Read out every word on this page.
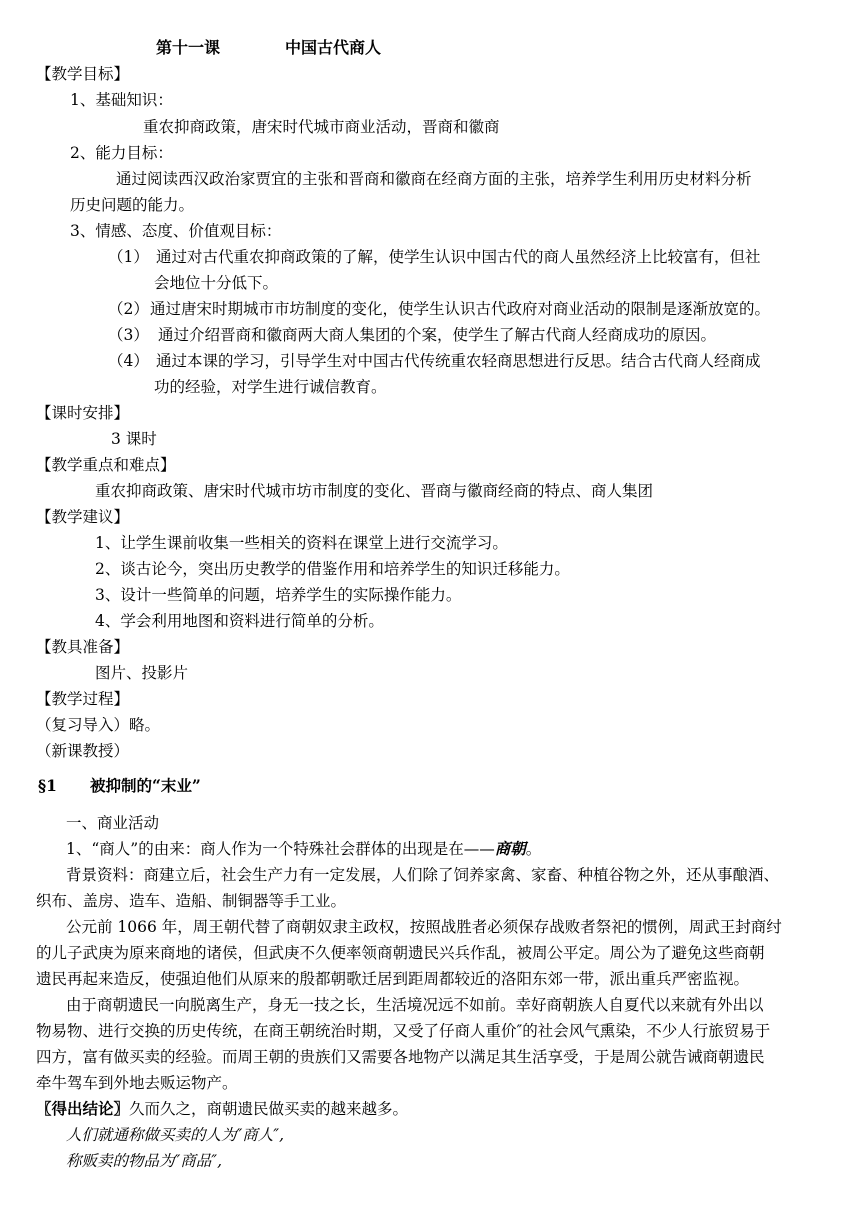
第十一课	中国古代商人
【教学目标】
1、基础知识：
重农抑商政策，唐宋时代城市商业活动，晋商和徽商
2、能力目标：
通过阅读西汉政治家贾宜的主张和晋商和徽商在经商方面的主张，培养学生利用历史材料分析
历史问题的能力。
3、情感、态度、价值观目标：
（1） 通过对古代重农抑商政策的了解，使学生认识中国古代的商人虽然经济上比较富有，但社
会地位十分低下。
（2） 通过唐宋时期城市市坊制度的变化，使学生认识古代政府对商业活动的限制是逐渐放宽的。
（3） 通过介绍晋商和徽商两大商人集团的个案，使学生了解古代商人经商成功的原因。
（4） 通过本课的学习，引导学生对中国古代传统重农轻商思想进行反思。结合古代商人经商成
功的经验，对学生进行诚信教育。
【课时安排】
3 课时
【教学重点和难点】
重农抑商政策、唐宋时代城市坊市制度的变化、晋商与徽商经商的特点、商人集团
【教学建议】
1、让学生课前收集一些相关的资料在课堂上进行交流学习。
2、谈古论今，突出历史教学的借鉴作用和培养学生的知识迁移能力。
3、设计一些简单的问题，培养学生的实际操作能力。
4、学会利用地图和资料进行简单的分析。
【教具准备】
图片、投影片
【教学过程】
（复习导入）略。
（新课教授）
§1 被抑制的“末业”
一、商业活动
1、“商人”的由来：商人作为一个特殊社会群体的出现是在——商朝。
背景资料：商建立后，社会生产力有一定发展，人们除了饲养家禽、家畜、种植谷物之外，还从事酿酒、
织布、盖房、造车、造船、制铜器等手工业。
公元前 1066 年，周王朝代替了商朝奴隶主政权，按照战胜者必须保存战败者祭祀的惯例，周武王封商纣
的儿子武庚为原来商地的诸侯，但武庚不久便率领商朝遗民兴兵作乱，被周公平定。周公为了避免这些商朝
遗民再起来造反，使强迫他们从原来的殷都朝歌迁居到距周都较近的洛阳东郊一带，派出重兵严密监视。
由于商朝遗民一向脱离生产，身无一技之长，生活境况远不如前。幸好商朝族人自夏代以来就有外出以
物易物、进行交换的历史传统，在商王朝统治时期，又受了仔商人重价″的社会风气熏染，不少人行旅贸易于
四方，富有做买卖的经验。而周王朝的贵族们又需要各地物产以满足其生活享受，于是周公就告诫商朝遗民
牵牛驾车到外地去贩运物产。
〖得出结论〗久而久之，商朝遗民做买卖的越来越多。
人们就通称做买卖的人为″商人″,
称贩卖的物品为″商品″,
